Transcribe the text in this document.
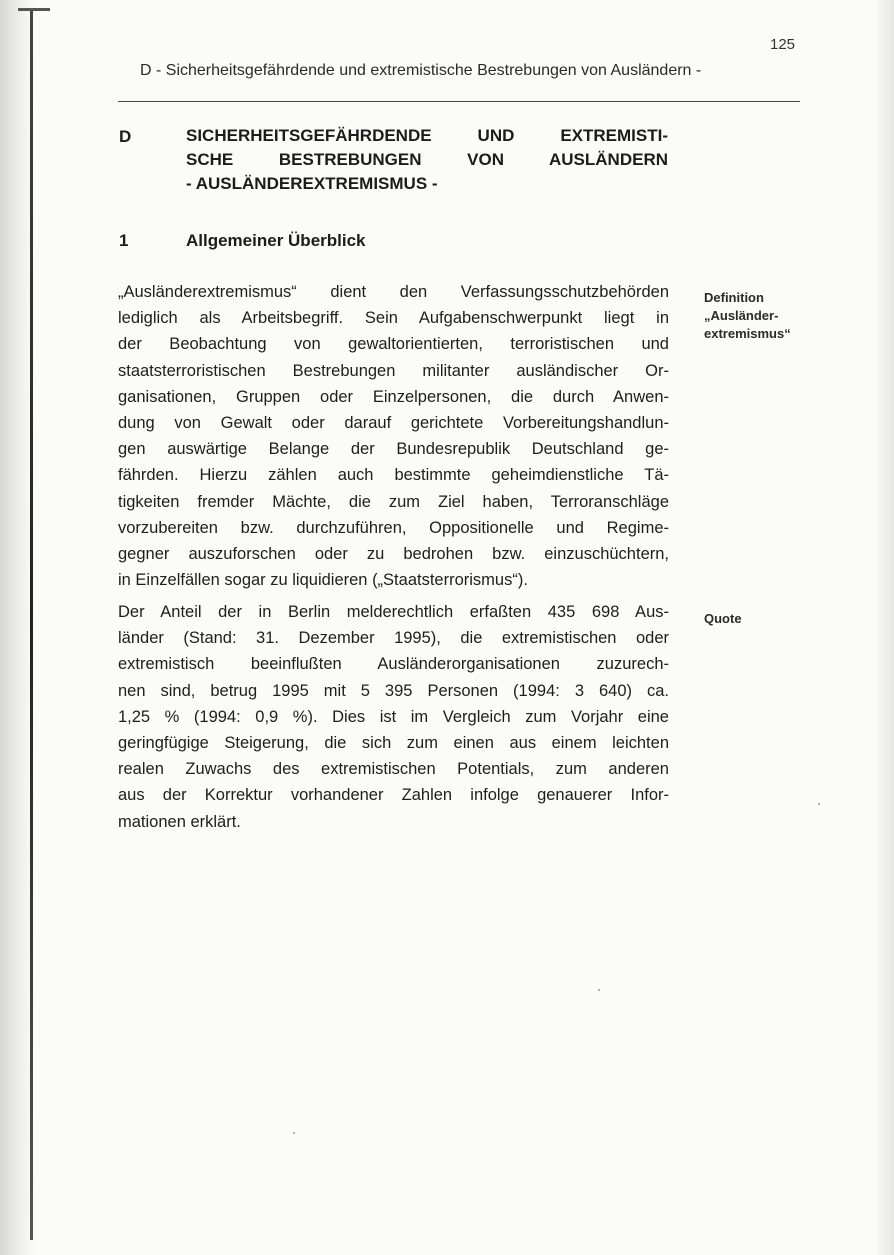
125
D - Sicherheitsgefährdende und extremistische Bestrebungen von Ausländern -
D	SICHERHEITSGEFÄHRDENDE UND EXTREMISTI-
SCHE BESTREBUNGEN VON AUSLÄNDERN
- AUSLÄNDEREXTREMISMUS -
1	Allgemeiner Überblick
„Ausländerextremismus“ dient den Verfassungsschutzbehörden
lediglich als Arbeitsbegriff. Sein Aufgabenschwerpunkt liegt in
der Beobachtung von gewaltorientierten, terroristischen und
staatsterroristischen Bestrebungen militanter ausländischer Or-
ganisationen, Gruppen oder Einzelpersonen, die durch Anwen-
dung von Gewalt oder darauf gerichtete Vorbereitungshandlun-
gen auswärtige Belange der Bundesrepublik Deutschland ge-
fährden. Hierzu zählen auch bestimmte geheimdienstliche Tä-
tigkeiten fremder Mächte, die zum Ziel haben, Terroranschläge
vorzubereiten bzw. durchzuführen, Oppositionelle und Regime-
gegner auszuforschen oder zu bedrohen bzw. einzuschüchtern,
in Einzelfällen sogar zu liquidieren („Staatsterrorismus“).
Der Anteil der in Berlin melderechtlich erfaßten 435 698 Aus-
länder (Stand: 31. Dezember 1995), die extremistischen oder
extremistisch beeinflußten Ausländerorganisationen zuzurech-
nen sind, betrug 1995 mit 5 395 Personen (1994: 3 640) ca.
1,25 % (1994: 0,9 %). Dies ist im Vergleich zum Vorjahr eine
geringfügige Steigerung, die sich zum einen aus einem leichten
realen Zuwachs des extremistischen Potentials, zum anderen
aus der Korrektur vorhandener Zahlen infolge genauerer Infor-
mationen erklärt.
Definition
„Ausländer-
extremismus“
Quote
